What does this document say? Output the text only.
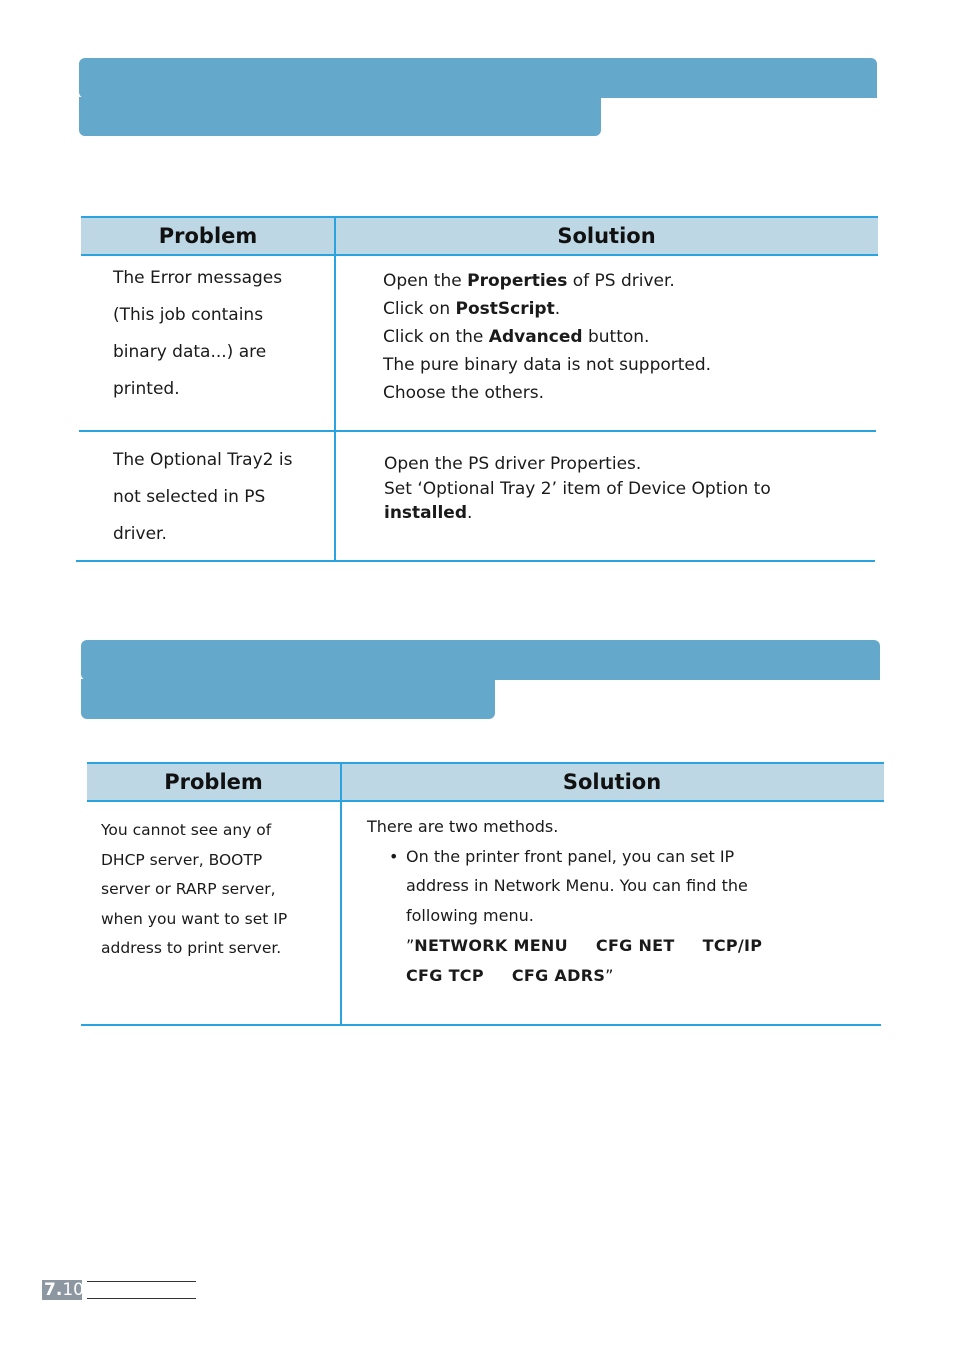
Problem	Solution
The Error messages
(This job contains
binary data...) are
printed.
Open the Properties of PS driver.
Click on PostScript.
Click on the Advanced button.
The pure binary data is not supported.
Choose the others.
The Optional Tray2 is
not selected in PS
driver.
Open the PS driver Properties.
Set ‘Optional Tray 2’ item of Device Option to
installed.
Problem	Solution
You cannot see any of
DHCP server, BOOTP
server or RARP server,
when you want to set IP
address to print server.
There are two methods.
• On the printer front panel, you can set IP
address in Network Menu. You can find the
following menu.
”NETWORK MENU CFG NET TCP/IP
CFG TCP CFG ADRS”
7.10
